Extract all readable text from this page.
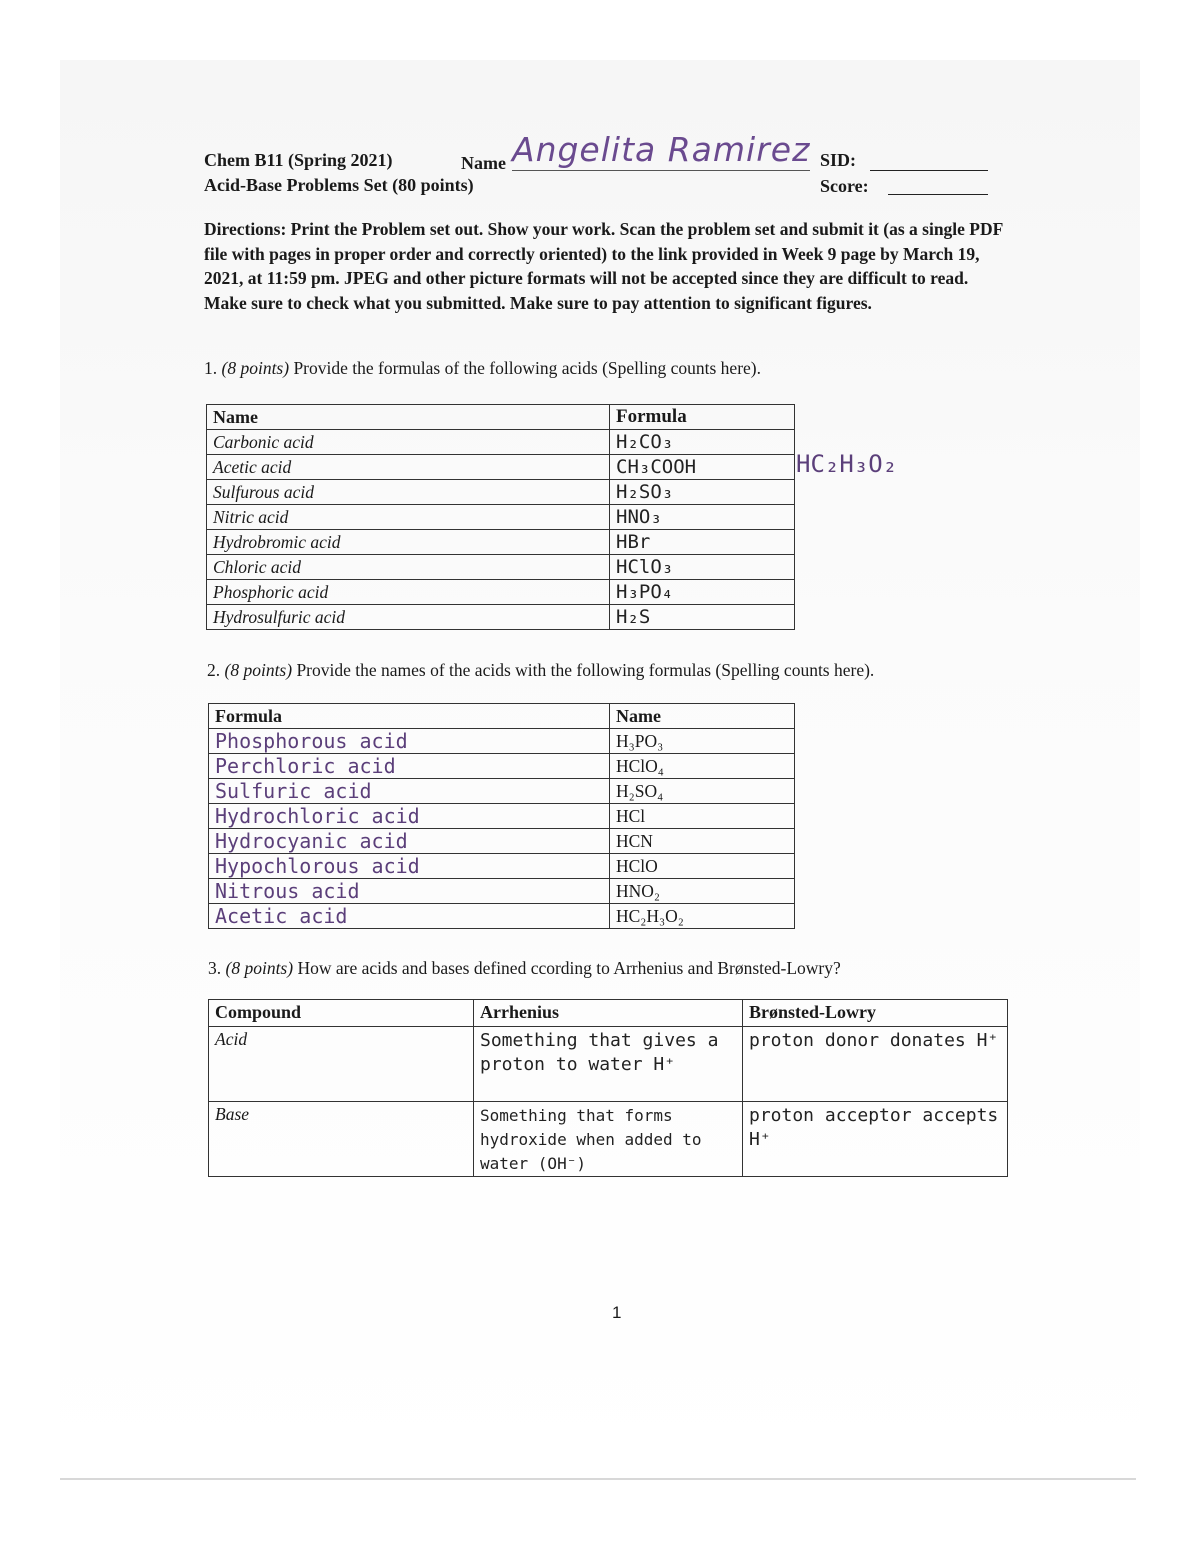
Chem B11 (Spring 2021)
Acid-Base Problems Set (80 points)
Name Angelita Ramirez SID:
Score:
Directions: Print the Problem set out. Show your work. Scan the problem set and submit it (as a single PDF file with pages in proper order and correctly oriented) to the link provided in Week 9 page by March 19, 2021, at 11:59 pm. JPEG and other picture formats will not be accepted since they are difficult to read. Make sure to check what you submitted. Make sure to pay attention to significant figures.
1. (8 points) Provide the formulas of the following acids (Spelling counts here).
Name	Formula
Carbonic acid	H₂CO₃
Acetic acid	CH₃COOH
Sulfurous acid	H₂SO₃
Nitric acid	HNO₃
Hydrobromic acid	HBr
Chloric acid	HClO₃
Phosphoric acid	H₃PO₄
Hydrosulfuric acid	H₂S
HC₂H₃O₂
2. (8 points) Provide the names of the acids with the following formulas (Spelling counts here).
Formula	Name
Phosphorous acid	H₃PO₃
Perchloric acid	HClO₄
Sulfuric acid	H₂SO₄
Hydrochloric acid	HCl
Hydrocyanic acid	HCN
Hypochlorous acid	HClO
Nitrous acid	HNO₂
Acetic acid	HC₂H₃O₂
3. (8 points) How are acids and bases defined ccording to Arrhenius and Brønsted-Lowry?
Compound	Arrhenius	Brønsted-Lowry
Acid	Something that gives a proton to water H⁺	proton donor donates H⁺
Base	Something that forms hydroxide when added to water (OH⁻)	proton acceptor accepts H⁺
1
